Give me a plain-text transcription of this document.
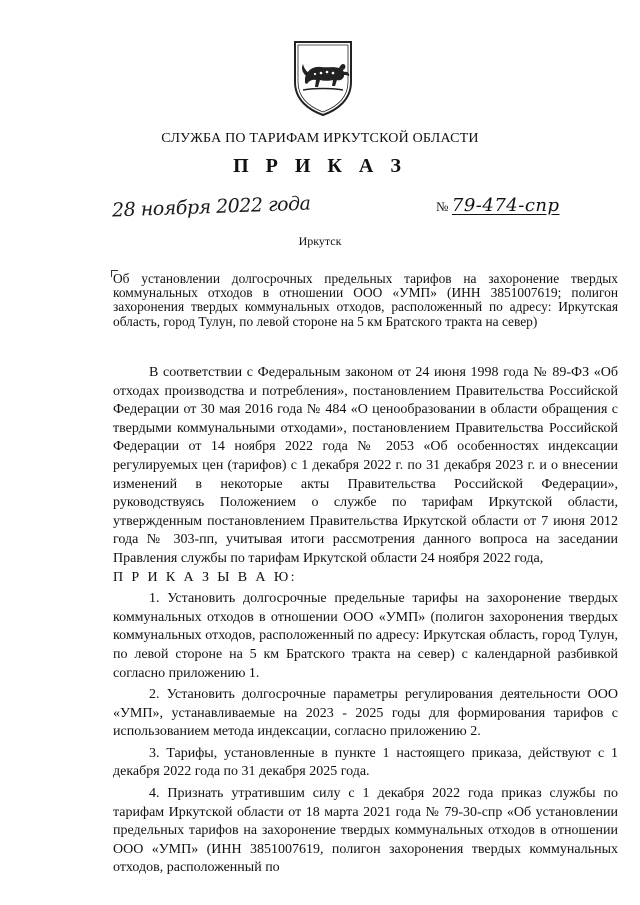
СЛУЖБА ПО ТАРИФАМ ИРКУТСКОЙ ОБЛАСТИ
П Р И К А З
28 ноября 2022 года	№ 79-474-спр
Иркутск
Об установлении долгосрочных предельных тарифов на захоронение твердых коммунальных отходов в отношении ООО «УМП» (ИНН 3851007619; полигон захоронения твердых коммунальных отходов, расположенный по адресу: Иркутская область, город Тулун, по левой стороне на 5 км Братского тракта на север)

В соответствии с Федеральным законом от 24 июня 1998 года № 89-ФЗ «Об отходах производства и потребления», постановлением Правительства Российской Федерации от 30 мая 2016 года № 484 «О ценообразовании в области обращения с твердыми коммунальными отходами», постановлением Правительства Российской Федерации от 14 ноября 2022 года № 2053 «Об особенностях индексации регулируемых цен (тарифов) с 1 декабря 2022 г. по 31 декабря 2023 г. и о внесении изменений в некоторые акты Правительства Российской Федерации», руководствуясь Положением о службе по тарифам Иркутской области, утвержденным постановлением Правительства Иркутской области от 7 июня 2012 года № 303-пп, учитывая итоги рассмотрения данного вопроса на заседании Правления службы по тарифам Иркутской области 24 ноября 2022 года,

П Р И К А З Ы В А Ю:

1. Установить долгосрочные предельные тарифы на захоронение твердых коммунальных отходов в отношении ООО «УМП» (полигон захоронения твердых коммунальных отходов, расположенный по адресу: Иркутская область, город Тулун, по левой стороне на 5 км Братского тракта на север) с календарной разбивкой согласно приложению 1.

2. Установить долгосрочные параметры регулирования деятельности ООО «УМП», устанавливаемые на 2023 - 2025 годы для формирования тарифов с использованием метода индексации, согласно приложению 2.

3. Тарифы, установленные в пункте 1 настоящего приказа, действуют с 1 декабря 2022 года по 31 декабря 2025 года.

4. Признать утратившим силу с 1 декабря 2022 года приказ службы по тарифам Иркутской области от 18 марта 2021 года № 79-30-спр «Об установлении предельных тарифов на захоронение твердых коммунальных отходов в отношении ООО «УМП» (ИНН 3851007619, полигон захоронения твердых коммунальных отходов, расположенный по
